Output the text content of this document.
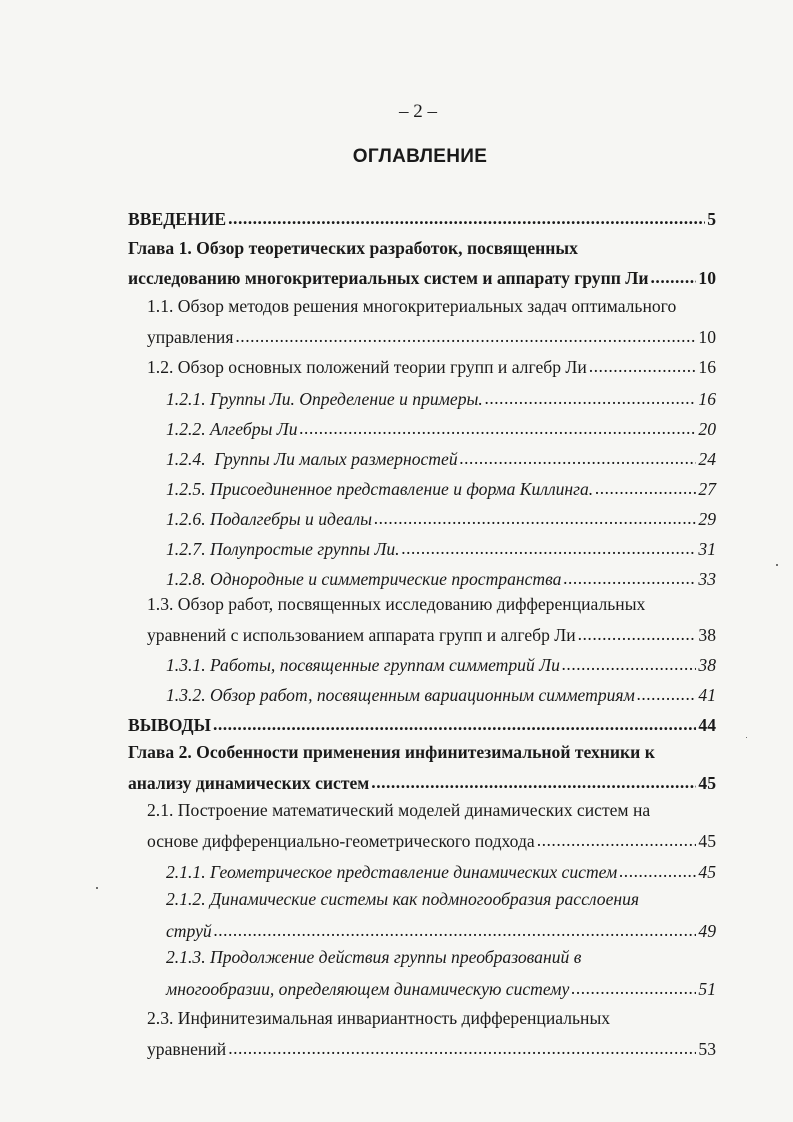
– 2 –
ОГЛАВЛЕНИЕ
ВВЕДЕНИЕ .....	5
Глава 1. Обзор теоретических разработок, посвященных
исследованию многокритериальных систем и аппарату групп Ли .....	10
1.1. Обзор методов решения многокритериальных задач оптимального
управления .....	10
1.2. Обзор основных положений теории групп и алгебр Ли .....	16
1.2.1. Группы Ли. Определение и примеры. .....	16
1.2.2. Алгебры Ли .....	20
1.2.4.  Группы Ли малых размерностей .....	24
1.2.5. Присоединенное представление и форма Киллинга. .....	27
1.2.6. Подалгебры и идеалы .....	29
1.2.7. Полупростые группы Ли. .....	31
1.2.8. Однородные и симметрические пространства .....	33
1.3. Обзор работ, посвященных исследованию дифференциальных
уравнений с использованием аппарата групп и алгебр Ли .....	38
1.3.1. Работы, посвященные группам симметрий Ли .....	38
1.3.2. Обзор работ, посвященным вариационным симметриям .....	41
ВЫВОДЫ .....	44
Глава 2. Особенности применения инфинитезимальной техники к
анализу динамических систем .....	45
2.1. Построение математический моделей динамических систем на
основе дифференциально-геометрического подхода .....	45
2.1.1. Геометрическое представление динамических систем .....	45
2.1.2. Динамические системы как подмногообразия расслоения
струй .....	49
2.1.3. Продолжение действия группы преобразований в
многообразии, определяющем динамическую систему .....	51
2.3. Инфинитезимальная инвариантность дифференциальных
уравнений .....	53
